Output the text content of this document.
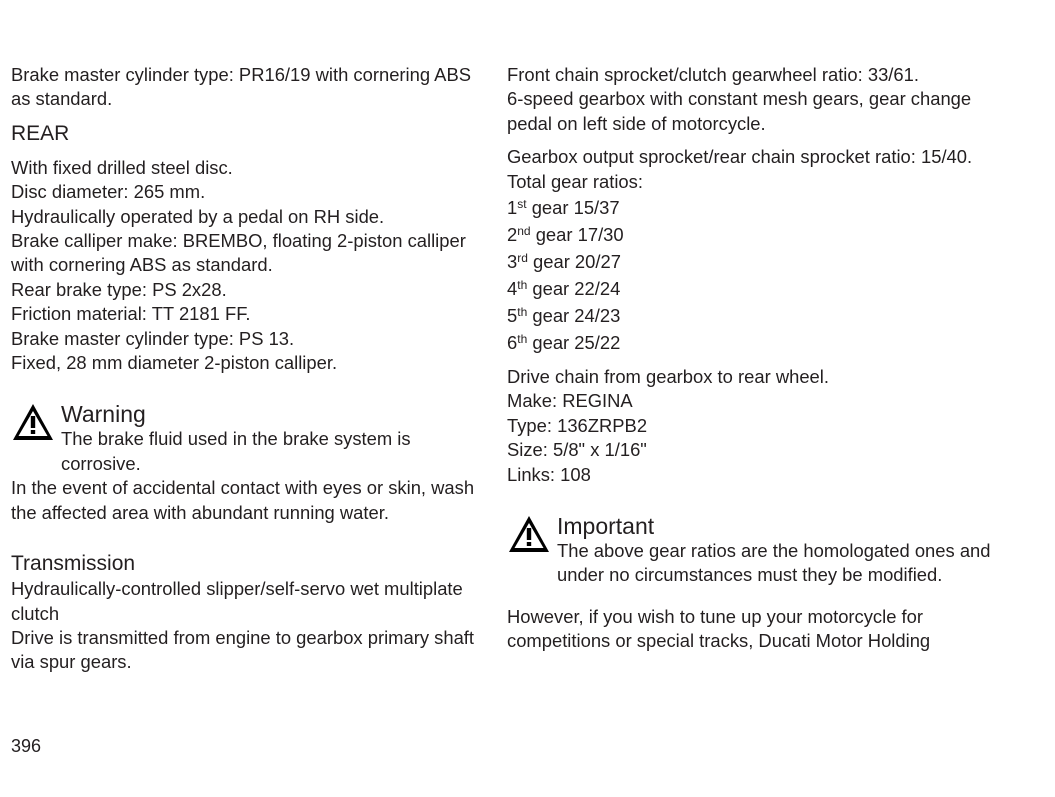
Brake master cylinder type: PR16/19 with cornering ABS as standard.

REAR

With fixed drilled steel disc.

Disc diameter: 265 mm.

Hydraulically operated by a pedal on RH side.

Brake calliper make: BREMBO, floating 2-piston calliper with cornering ABS as standard.

Rear brake type: PS 2x28.

Friction material: TT 2181 FF.

Brake master cylinder type: PS 13.

Fixed, 28 mm diameter 2-piston calliper.

Warning
The brake fluid used in the brake system is corrosive.

In the event of accidental contact with eyes or skin, wash the affected area with abundant running water.

Transmission

Hydraulically-controlled slipper/self-servo wet multiplate clutch

Drive is transmitted from engine to gearbox primary shaft via spur gears.

Front chain sprocket/clutch gearwheel ratio: 33/61.

6-speed gearbox with constant mesh gears, gear change pedal on left side of motorcycle.

Gearbox output sprocket/rear chain sprocket ratio: 15/40.

Total gear ratios:

1st gear 15/37

2nd gear 17/30

3rd gear 20/27

4th gear 22/24

5th gear 24/23

6th gear 25/22

Drive chain from gearbox to rear wheel.

Make: REGINA

Type: 136ZRPB2

Size: 5/8" x 1/16"

Links: 108

Important
The above gear ratios are the homologated ones and under no circumstances must they be modified.

However, if you wish to tune up your motorcycle for competitions or special tracks, Ducati Motor Holding

396
